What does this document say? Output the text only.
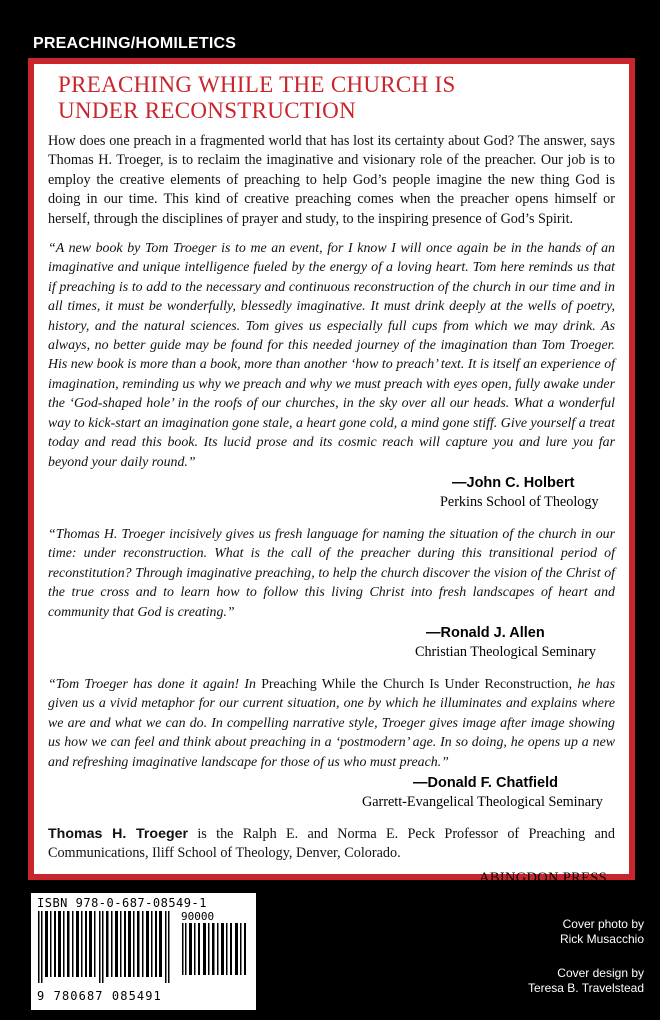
PREACHING/HOMILETICS
PREACHING WHILE THE CHURCH IS
UNDER RECONSTRUCTION

How does one preach in a fragmented world that has lost its certainty about God? The answer, says Thomas H. Troeger, is to reclaim the imaginative and visionary role of the preacher. Our job is to employ the creative elements of preaching to help God’s people imagine the new thing God is doing in our time. This kind of creative preaching comes when the preacher opens himself or herself, through the disciplines of prayer and study, to the inspiring presence of God’s Spirit.

“A new book by Tom Troeger is to me an event, for I know I will once again be in the hands of an imaginative and unique intelligence fueled by the energy of a loving heart. Tom here reminds us that if preaching is to add to the necessary and continuous reconstruction of the church in our time and in all times, it must be wonderfully, blessedly imaginative. It must drink deeply at the wells of poetry, history, and the natural sciences. Tom gives us especially full cups from which we may drink. As always, no better guide may be found for this needed journey of the imagination than Tom Troeger. His new book is more than a book, more than another ‘how to preach’ text. It is itself an experience of imagination, reminding us why we preach and why we must preach with eyes open, fully awake under the ‘God-shaped hole’ in the roofs of our churches, in the sky over all our heads. What a wonderful way to kick-start an imagination gone stale, a heart gone cold, a mind gone stiff. Give yourself a treat today and read this book. Its lucid prose and its cosmic reach will capture you and lure you far beyond your daily round.”

—John C. Holbert
Perkins School of Theology

“Thomas H. Troeger incisively gives us fresh language for naming the situation of the church in our time: under reconstruction. What is the call of the preacher during this transitional period of reconstitution? Through imaginative preaching, to help the church discover the vision of the Christ of the true cross and to learn how to follow this living Christ into fresh landscapes of heart and community that God is creating.”

—Ronald J. Allen
Christian Theological Seminary

“Tom Troeger has done it again! In Preaching While the Church Is Under Reconstruction, he has given us a vivid metaphor for our current situation, one by which he illuminates and explains where we are and what we can do. In compelling narrative style, Troeger gives image after image showing us how we can feel and think about preaching in a ‘postmodern’ age. In so doing, he opens up a new and refreshing imaginative landscape for those of us who must preach.”

—Donald F. Chatfield
Garrett-Evangelical Theological Seminary

Thomas H. Troeger is the Ralph E. and Norma E. Peck Professor of Preaching and Communications, Iliff School of Theology, Denver, Colorado.

ABINGDON PRESS
ISBN 978-0-687-08549-1
90000
9 780687 085491
Cover photo by
Rick Musacchio
Cover design by
Teresa B. Travelstead
